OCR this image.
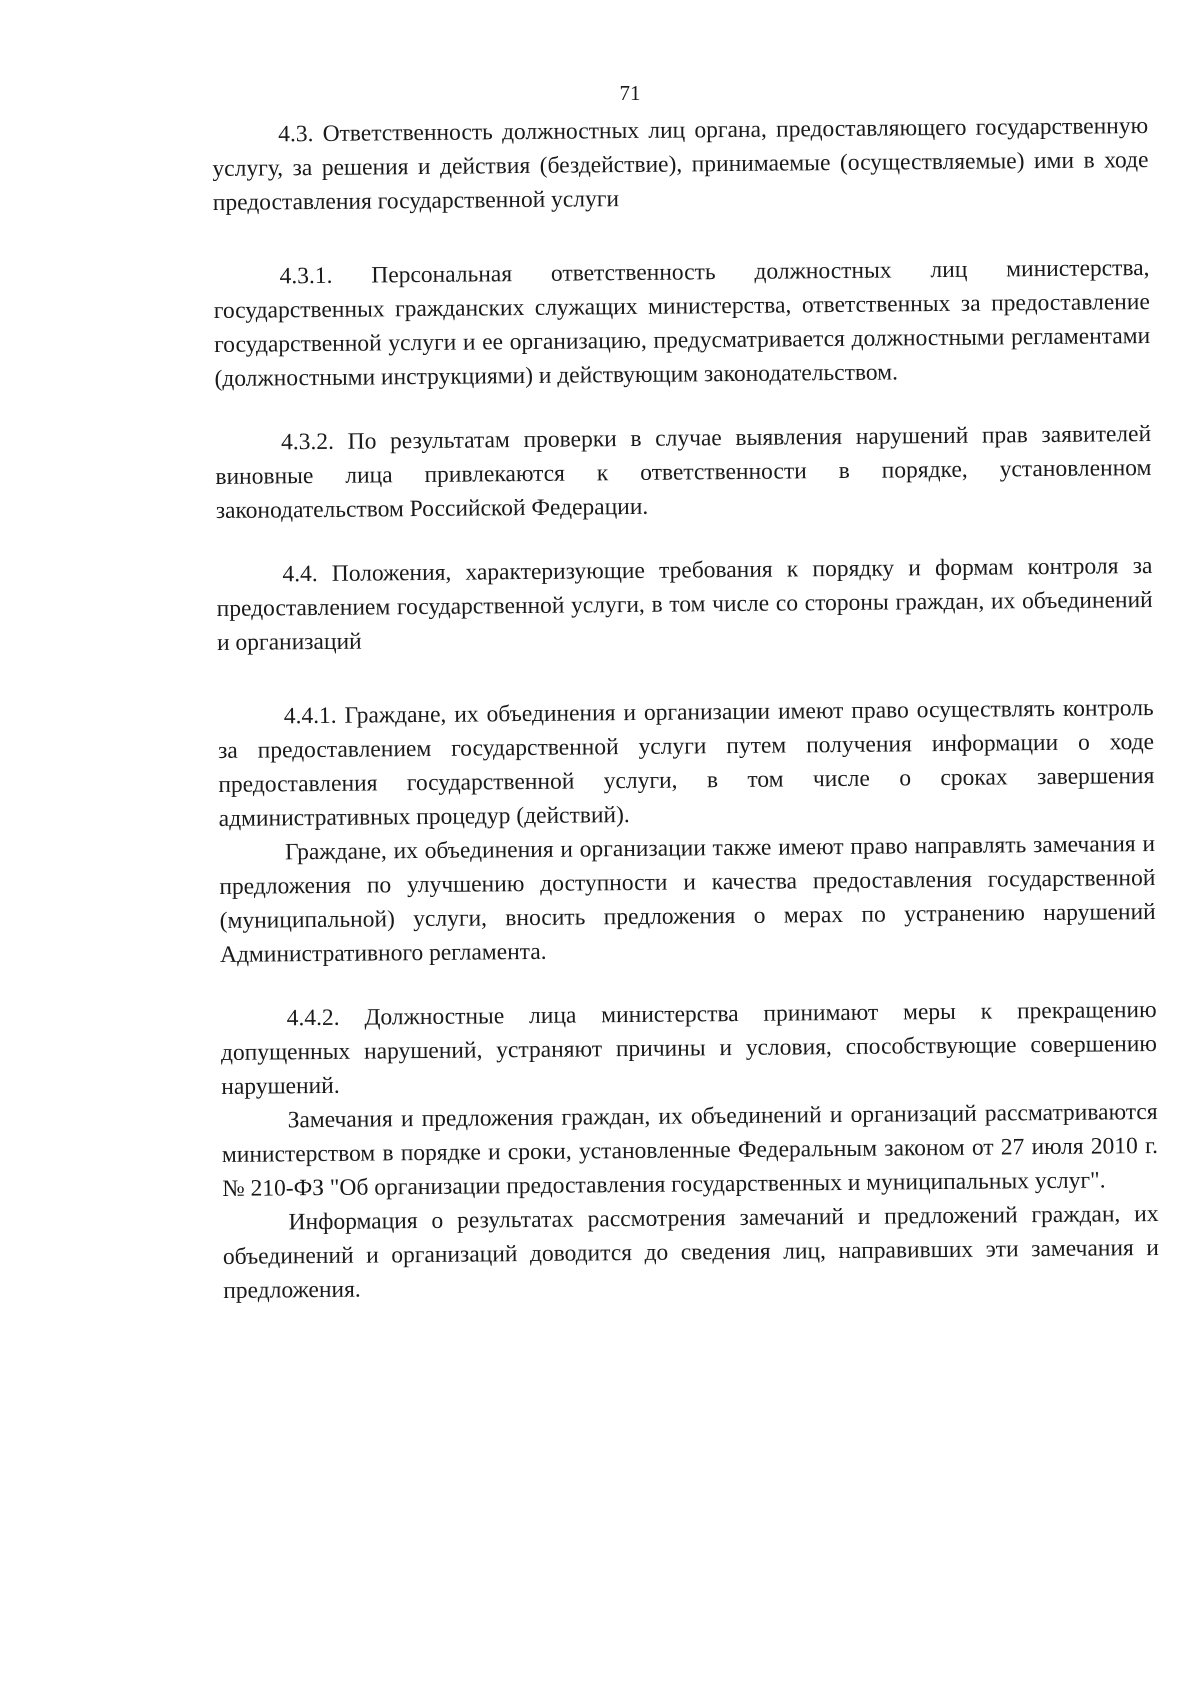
71

4.3. Ответственность должностных лиц органа, предоставляющего государственную услугу, за решения и действия (бездействие), принимаемые (осуществляемые) ими в ходе предоставления государственной услуги

4.3.1. Персональная ответственность должностных лиц министерства, государственных гражданских служащих министерства, ответственных за предоставление государственной услуги и ее организацию, предусматривается должностными регламентами (должностными инструкциями) и действующим законодательством.

4.3.2. По результатам проверки в случае выявления нарушений прав заявителей виновные лица привлекаются к ответственности в порядке, установленном законодательством Российской Федерации.

4.4. Положения, характеризующие требования к порядку и формам контроля за предоставлением государственной услуги, в том числе со стороны граждан, их объединений и организаций

4.4.1. Граждане, их объединения и организации имеют право осуществлять контроль за предоставлением государственной услуги путем получения информации о ходе предоставления государственной услуги, в том числе о сроках завершения административных процедур (действий).

Граждане, их объединения и организации также имеют право направлять замечания и предложения по улучшению доступности и качества предоставления государственной (муниципальной) услуги, вносить предложения о мерах по устранению нарушений Административного регламента.

4.4.2. Должностные лица министерства принимают меры к прекращению допущенных нарушений, устраняют причины и условия, способствующие совершению нарушений.

Замечания и предложения граждан, их объединений и организаций рассматриваются министерством в порядке и сроки, установленные Федеральным законом от 27 июля 2010 г. № 210-ФЗ "Об организации предоставления государственных и муниципальных услуг".

Информация о результатах рассмотрения замечаний и предложений граждан, их объединений и организаций доводится до сведения лиц, направивших эти замечания и предложения.
